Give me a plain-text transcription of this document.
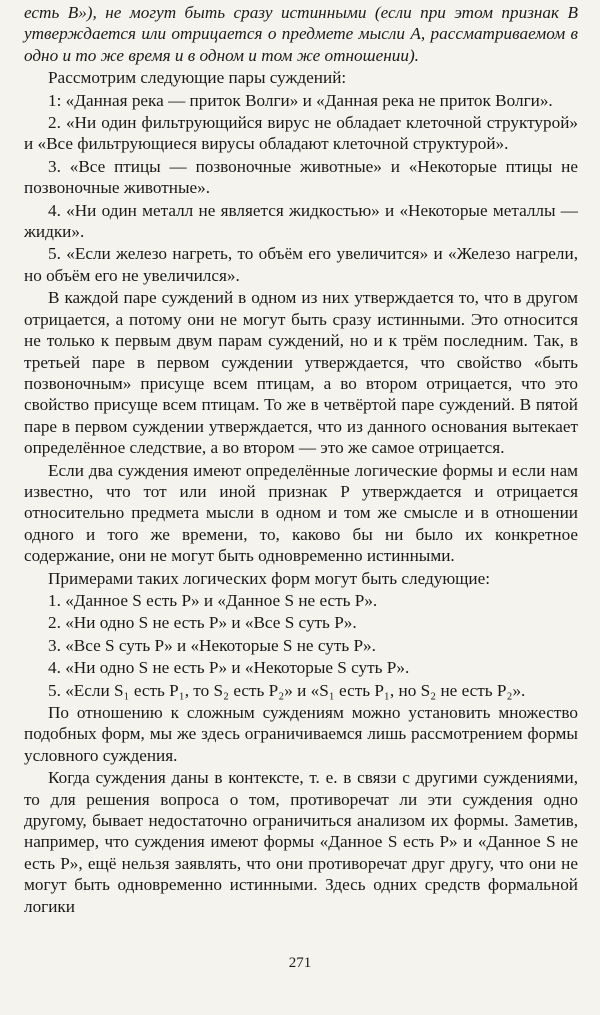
есть В»), не могут быть сразу истинными (если при этом признак В утверждается или отрицается о предмете мысли А, рассматриваемом в одно и то же время и в одном и том же отношении).

Рассмотрим следующие пары суждений:

1: «Данная река — приток Волги» и «Данная река не приток Волги».

2. «Ни один фильтрующийся вирус не обладает клеточной структурой» и «Все фильтрующиеся вирусы обладают клеточной структурой».

3. «Все птицы — позвоночные животные» и «Некоторые птицы не позвоночные животные».

4. «Ни один металл не является жидкостью» и «Некоторые металлы — жидки».

5. «Если железо нагреть, то объём его увеличится» и «Железо нагрели, но объём его не увеличился».

В каждой паре суждений в одном из них утверждается то, что в другом отрицается, а потому они не могут быть сразу истинными. Это относится не только к первым двум парам суждений, но и к трём последним. Так, в третьей паре в первом суждении утверждается, что свойство «быть позвоночным» присуще всем птицам, а во втором отрицается, что это свойство присуще всем птицам. То же в четвёртой паре суждений. В пятой паре в первом суждении утверждается, что из данного основания вытекает определённое следствие, а во втором — это же самое отрицается.

Если два суждения имеют определённые логические формы и если нам известно, что тот или иной признак P утверждается и отрицается относительно предмета мысли в одном и том же смысле и в отношении одного и того же времени, то, каково бы ни было их конкретное содержание, они не могут быть одновременно истинными.

Примерами таких логических форм могут быть следующие:

1. «Данное S есть P» и «Данное S не есть P».

2. «Ни одно S не есть P» и «Все S суть P».

3. «Все S суть P» и «Некоторые S не суть P».

4. «Ни одно S не есть P» и «Некоторые S суть P».

5. «Если S₁ есть P₁, то S₂ есть P₂» и «S₁ есть P₁, но S₂ не есть P₂».

По отношению к сложным суждениям можно установить множество подобных форм, мы же здесь ограничиваемся лишь рассмотрением формы условного суждения.

Когда суждения даны в контексте, т. е. в связи с другими суждениями, то для решения вопроса о том, противоречат ли эти суждения одно другому, бывает недостаточно ограничиться анализом их формы. Заметив, например, что суждения имеют формы «Данное S есть P» и «Данное S не есть P», ещё нельзя заявлять, что они противоречат друг другу, что они не могут быть одновременно истинными. Здесь одних средств формальной логики

271
